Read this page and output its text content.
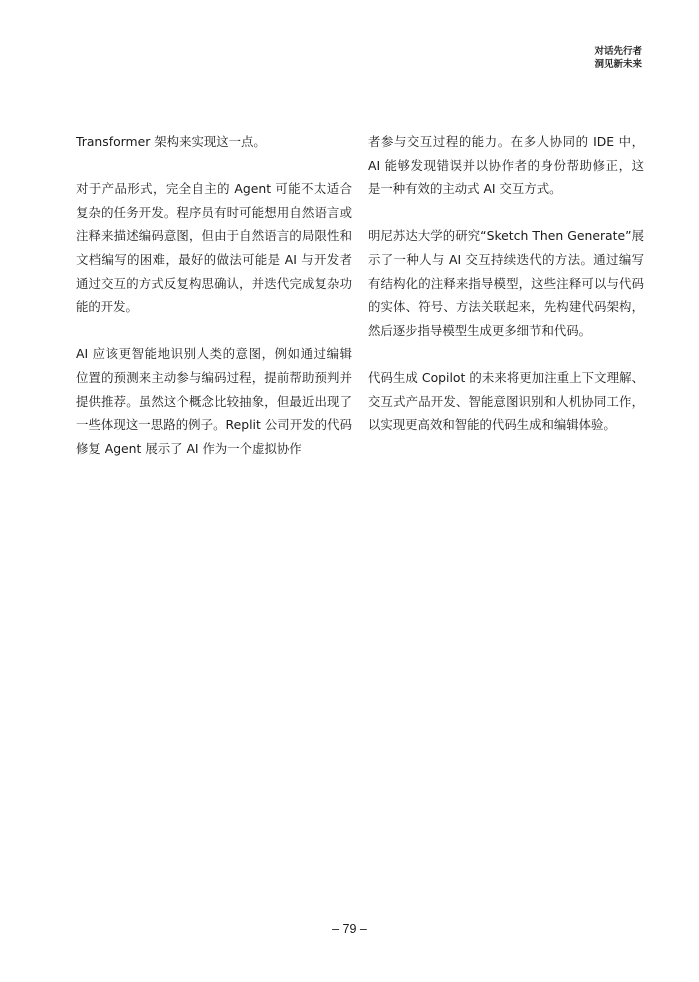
对话先行者
洞见新未来

Transformer 架构来实现这一点。

对于产品形式，完全自主的 Agent 可能不太适合复杂的任务开发。程序员有时可能想用自然语言或注释来描述编码意图，但由于自然语言的局限性和文档编写的困难，最好的做法可能是 AI 与开发者通过交互的方式反复构思确认，并迭代完成复杂功能的开发。

AI 应该更智能地识别人类的意图，例如通过编辑位置的预测来主动参与编码过程，提前帮助预判并提供推荐。虽然这个概念比较抽象，但最近出现了一些体现这一思路的例子。Replit 公司开发的代码修复 Agent 展示了 AI 作为一个虚拟协作

者参与交互过程的能力。在多人协同的 IDE 中，AI 能够发现错误并以协作者的身份帮助修正，这是一种有效的主动式 AI 交互方式。

明尼苏达大学的研究“Sketch Then Generate”展示了一种人与 AI 交互持续迭代的方法。通过编写有结构化的注释来指导模型，这些注释可以与代码的实体、符号、方法关联起来，先构建代码架构，然后逐步指导模型生成更多细节和代码。

代码生成 Copilot 的未来将更加注重上下文理解、交互式产品开发、智能意图识别和人机协同工作，以实现更高效和智能的代码生成和编辑体验。

– 79 –
